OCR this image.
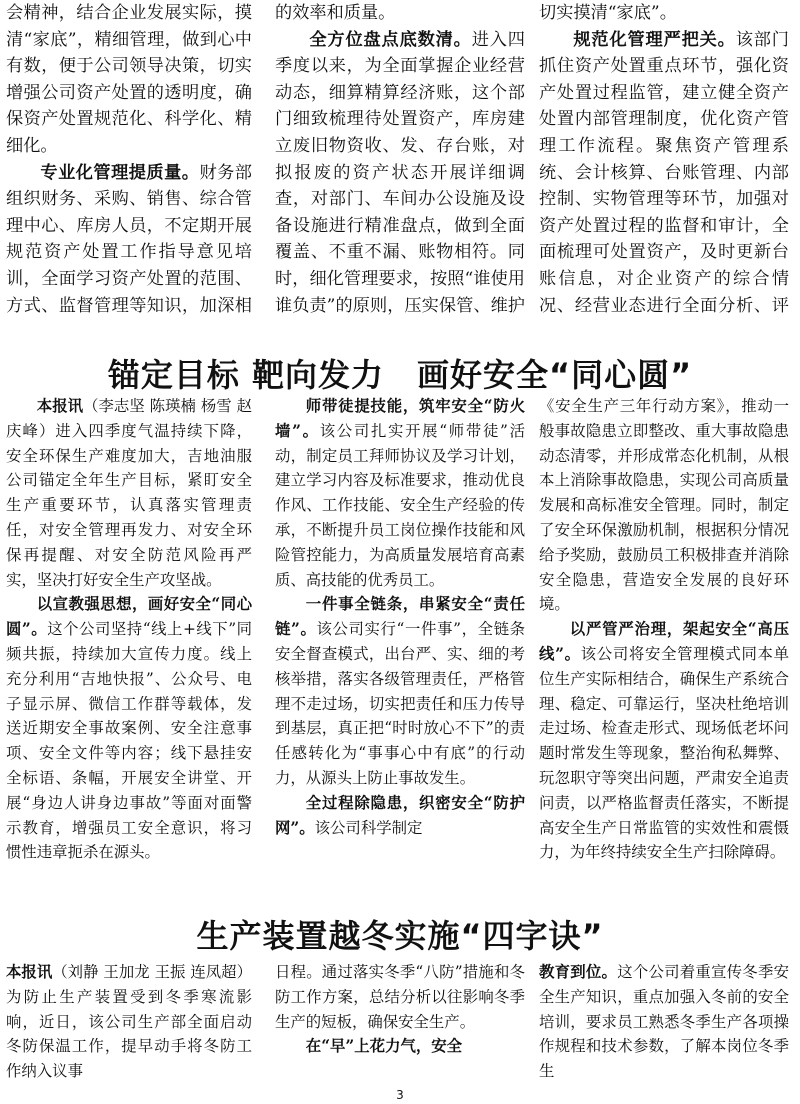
会精神，结合企业发展实际，摸清“家底”，精细管理，做到心中有数，便于公司领导决策，切实增强公司资产处置的透明度，确保资产处置规范化、科学化、精细化。

专业化管理提质量。财务部组织财务、采购、销售、综合管理中心、库房人员，不定期开展规范资产处置工作指导意见培训，全面学习资产处置的范围、方式、监督管理等知识，加深相

的效率和质量。

全方位盘点底数清。进入四季度以来，为全面掌握企业经营动态，细算精算经济账，这个部门细致梳理待处置资产，库房建立废旧物资收、发、存台账，对拟报废的资产状态开展详细调查，对部门、车间办公设施及设备设施进行精准盘点，做到全面覆盖、不重不漏、账物相符。同时，细化管理要求，按照“谁使用谁负责”的原则，压实保管、维护

切实摸清“家底”。

规范化管理严把关。该部门抓住资产处置重点环节，强化资产处置过程监管，建立健全资产处置内部管理制度，优化资产管理工作流程。聚焦资产管理系统、会计核算、台账管理、内部控制、实物管理等环节，加强对资产处置过程的监督和审计，全面梳理可处置资产，及时更新台账信息，对企业资产的综合情况、经营业态进行全面分析、评

锚定目标 靶向发力　画好安全“同心圆”

本报讯（李志坚 陈瑛楠 杨雪 赵庆峰）进入四季度气温持续下降，安全环保生产难度加大，吉地油服公司锚定全年生产目标，紧盯安全生产重要环节，认真落实管理责任，对安全管理再发力、对安全环保再提醒、对安全防范风险再严实，坚决打好安全生产攻坚战。

以宣教强思想，画好安全“同心圆”。这个公司坚持“线上+线下”同频共振，持续加大宣传力度。线上充分利用“吉地快报”、公众号、电子显示屏、微信工作群等载体，发送近期安全事故案例、安全注意事项、安全文件等内容；线下悬挂安全标语、条幅，开展安全讲堂、开展“身边人讲身边事故”等面对面警示教育，增强员工安全意识，将习惯性违章扼杀在源头。

师带徒提技能，筑牢安全“防火墙”。该公司扎实开展“师带徒”活动，制定员工拜师协议及学习计划，建立学习内容及标准要求，推动优良作风、工作技能、安全生产经验的传承，不断提升员工岗位操作技能和风险管控能力，为高质量发展培育高素质、高技能的优秀员工。

一件事全链条，串紧安全“责任链”。该公司实行“一件事”，全链条安全督查模式，出台严、实、细的考核举措，落实各级管理责任，严格管理不走过场，切实把责任和压力传导到基层，真正把“时时放心不下”的责任感转化为“事事心中有底”的行动力，从源头上防止事故发生。

全过程除隐患，织密安全“防护网”。该公司科学制定

《安全生产三年行动方案》，推动一般事故隐患立即整改、重大事故隐患动态清零，并形成常态化机制，从根本上消除事故隐患，实现公司高质量发展和高标准安全管理。同时，制定了安全环保激励机制，根据积分情况给予奖励，鼓励员工积极排查并消除安全隐患，营造安全发展的良好环境。

以严管严治理，架起安全“高压线”。该公司将安全管理模式同本单位生产实际相结合，确保生产系统合理、稳定、可靠运行，坚决杜绝培训走过场、检查走形式、现场低老坏问题时常发生等现象，整治徇私舞弊、玩忽职守等突出问题，严肃安全追责问责，以严格监督责任落实，不断提高安全生产日常监管的实效性和震慑力，为年终持续安全生产扫除障碍。

生产装置越冬实施“四字诀”

本报讯（刘静 王加龙 王振 连凤超）为防止生产装置受到冬季寒流影响，近日，该公司生产部全面启动冬防保温工作，提早动手将冬防工作纳入议事

日程。通过落实冬季“八防”措施和冬防工作方案，总结分析以往影响冬季生产的短板，确保安全生产。

在“早”上花力气，安全

教育到位。这个公司着重宣传冬季安全生产知识，重点加强入冬前的安全培训，要求员工熟悉冬季生产各项操作规程和技术参数，了解本岗位冬季生

3
